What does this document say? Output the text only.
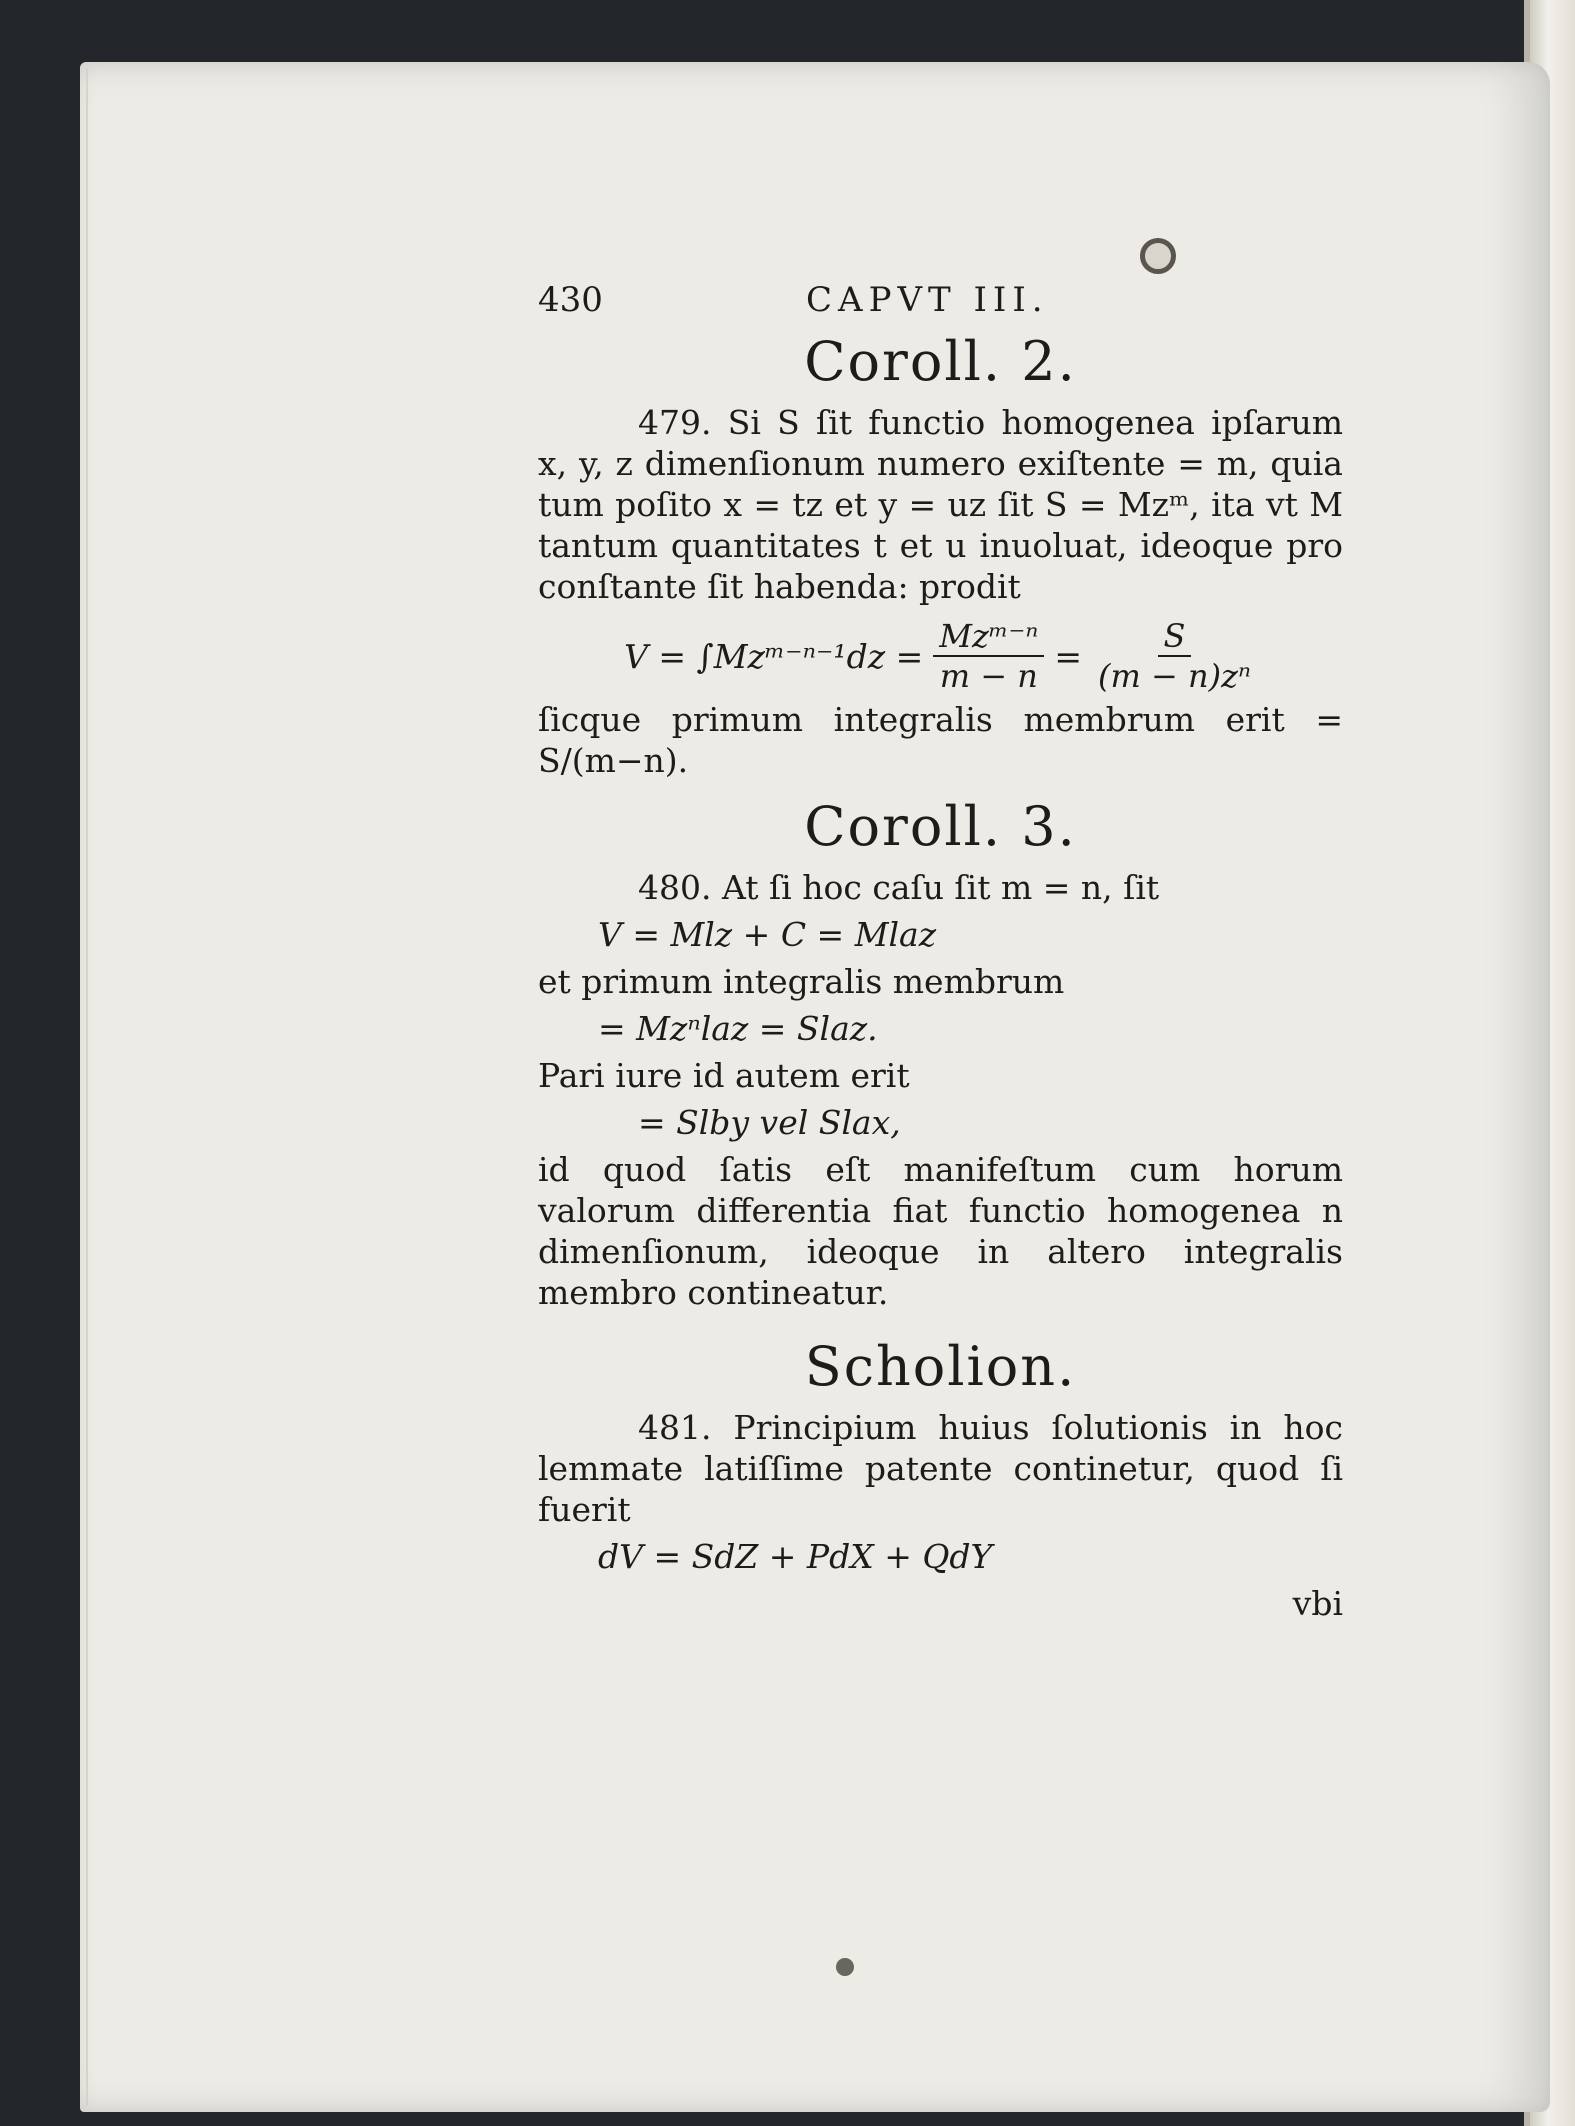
430	CAPVT III.
Coroll. 2.

479. Si S ſit functio homogenea ipſarum x, y, z dimenſionum numero exiſtente = m, quia tum poſito x = tz et y = uz ſit S = Mzᵐ, ita vt M tantum quantitates t et u inuoluat, ideoque pro conſtante ſit habenda: prodit

V = ∫Mzᵐ⁻ⁿ⁻¹dz = $\frac{\text{Mzᵐ⁻ⁿ}}{m - n} = \frac{S}{\text{(m − n)zⁿ}}$

ſicque primum integralis membrum erit = S/(m−n).

Coroll. 3.

480. At ſi hoc caſu ſit m = n, ſit

V = Mlz + C = Mlaz

et primum integralis membrum

= Mzⁿlaz = Slaz.

Pari iure id autem erit

= Slby vel Slax,

id quod ſatis eſt manifeſtum cum horum valorum differentia fiat functio homogenea n dimenſionum, ideoque in altero integralis membro contineatur.

Scholion.

481. Principium huius ſolutionis in hoc lemmate latiſſime patente continetur, quod ſi fuerit

dV = SdZ + PdX + QdY
vbi
